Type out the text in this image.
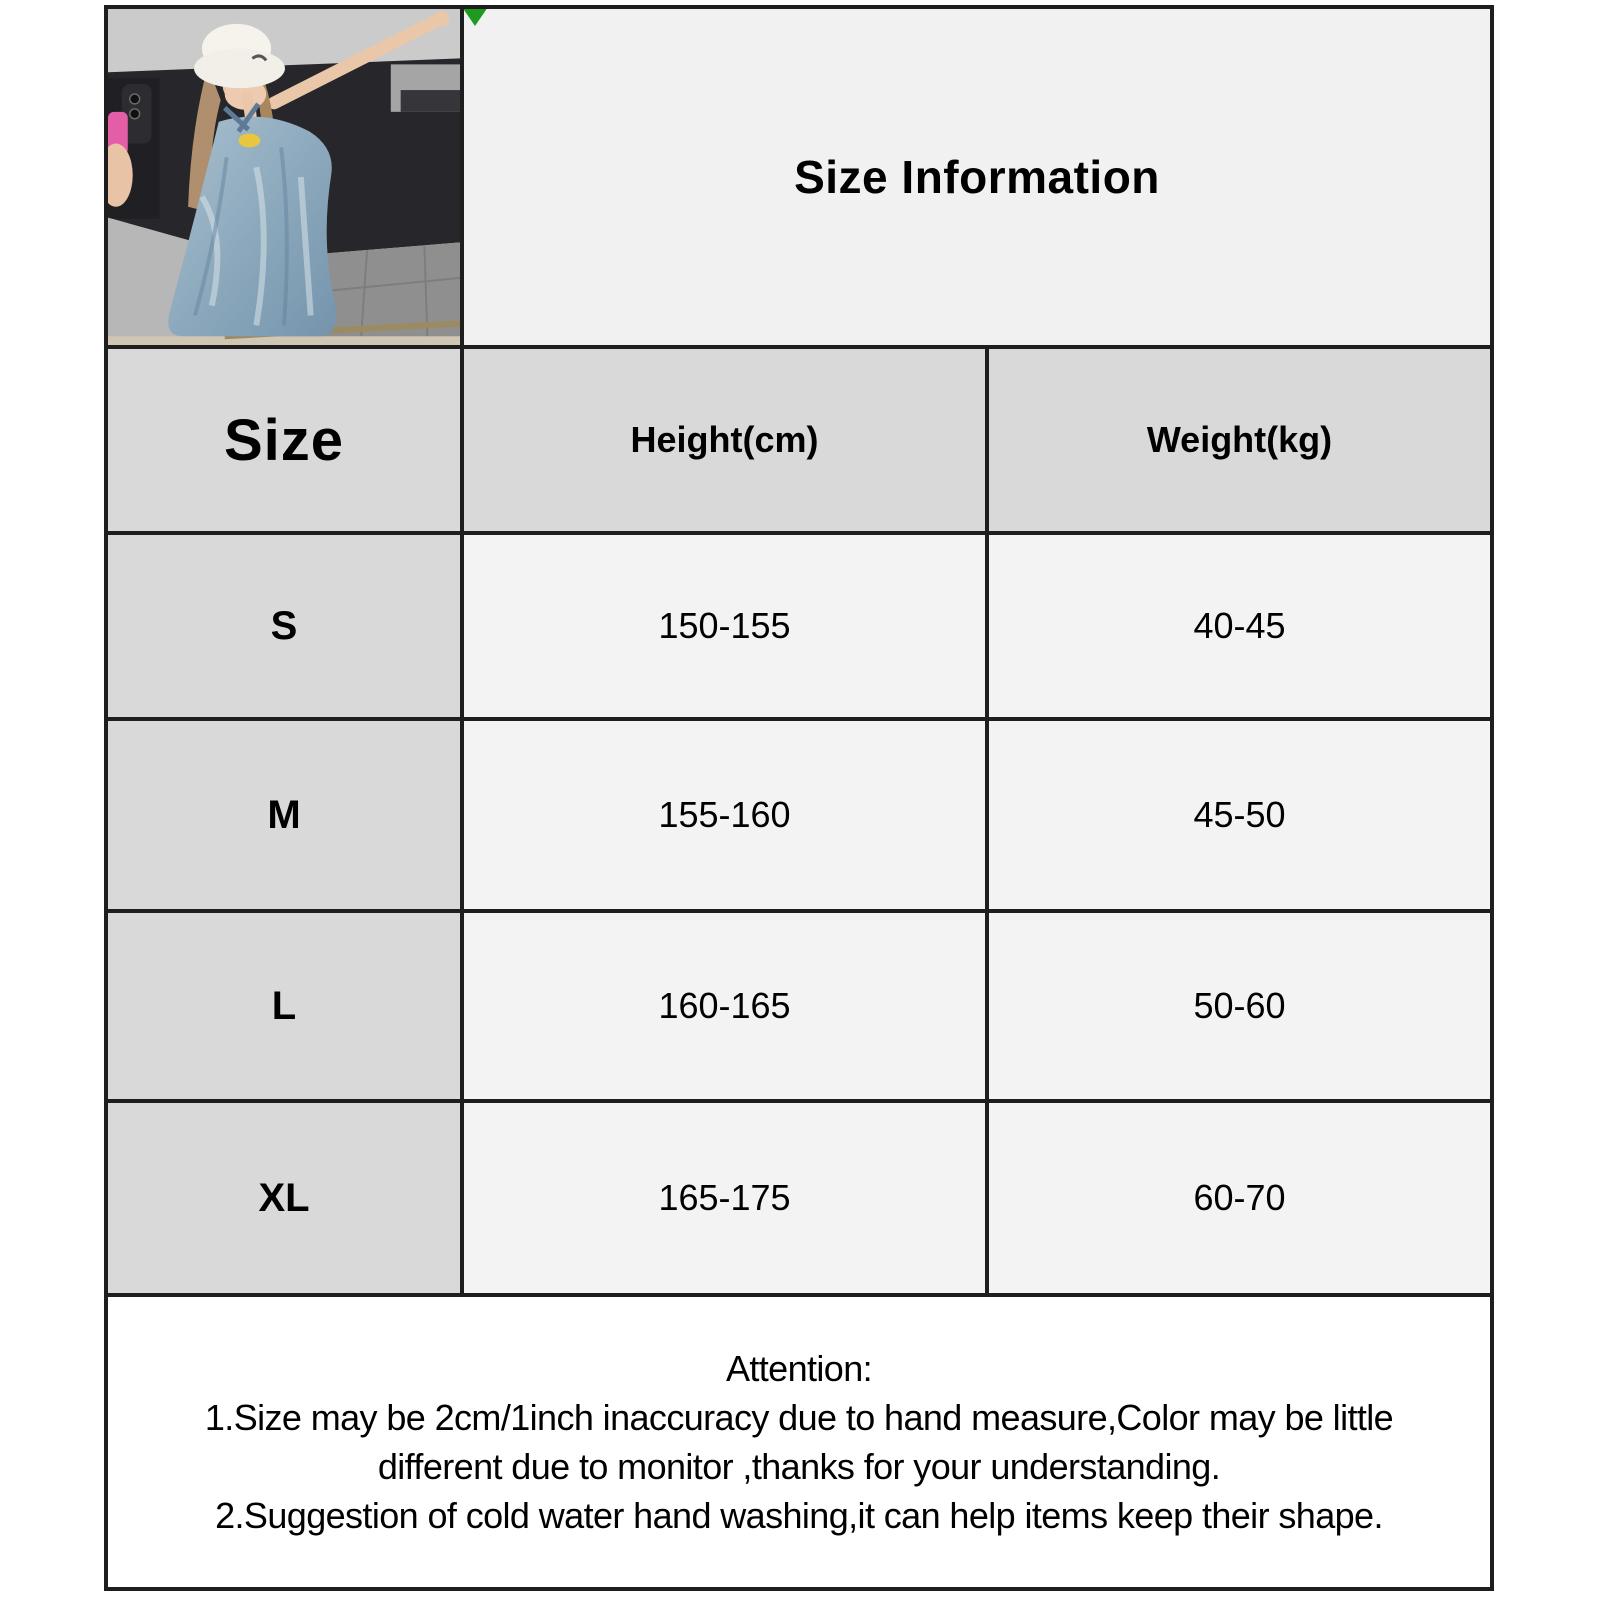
Size Information	

Size	Height(cm)	Weight(kg)
S	150-155	40-45
M	155-160	45-50
L	160-165	50-60
XL	165-175	60-70

Attention:
1.Size may be 2cm/1inch inaccuracy due to hand measure,Color may be little
different due to monitor ,thanks for your understanding.
2.Suggestion of cold water hand washing,it can help items keep their shape.		
